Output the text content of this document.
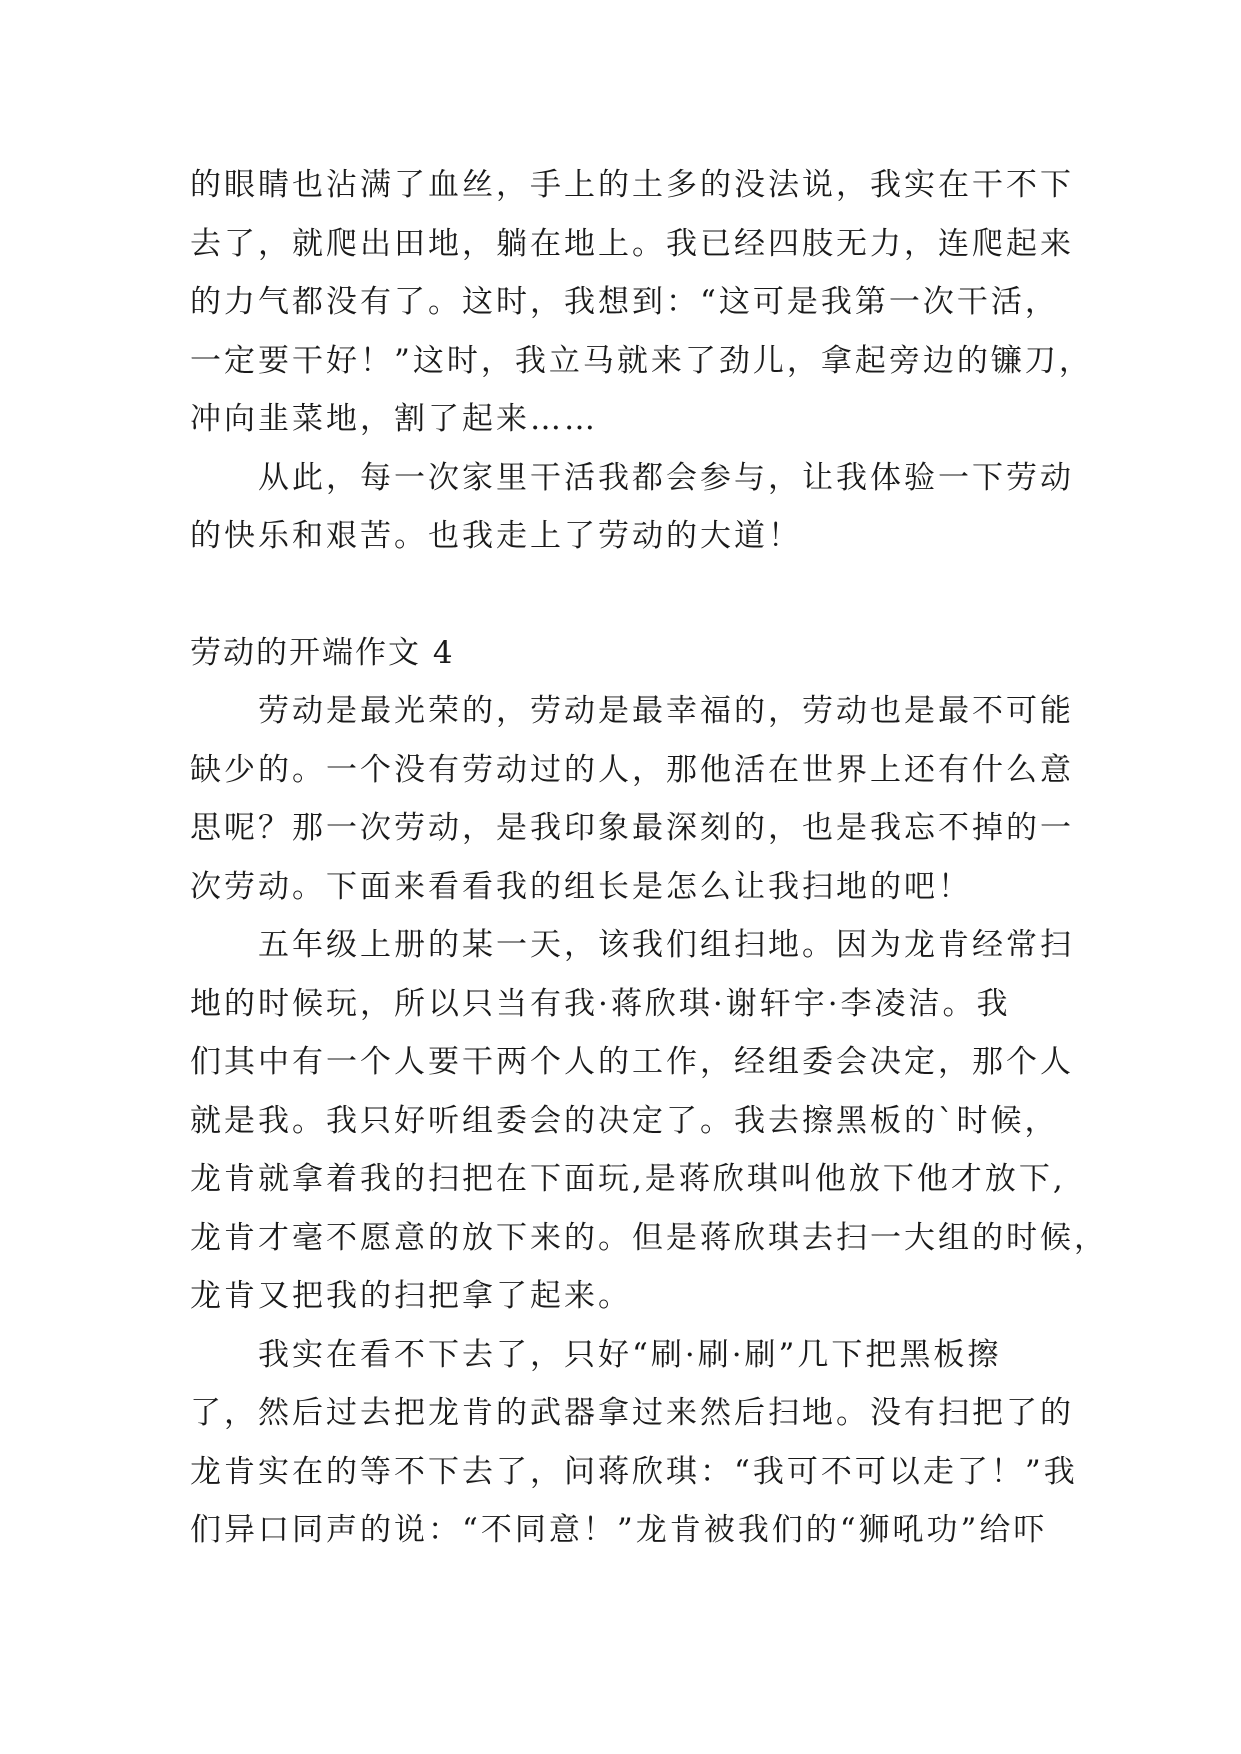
的眼睛也沾满了血丝，手上的土多的没法说，我实在干不下
去了，就爬出田地，躺在地上。我已经四肢无力，连爬起来
的力气都没有了。这时，我想到：“这可是我第一次干活，
一定要干好！”这时，我立马就来了劲儿，拿起旁边的镰刀，
冲向韭菜地，割了起来……
从此，每一次家里干活我都会参与，让我体验一下劳动
的快乐和艰苦。也我走上了劳动的大道！
劳动的开端作文 4
劳动是最光荣的，劳动是最幸福的，劳动也是最不可能
缺少的。一个没有劳动过的人，那他活在世界上还有什么意
思呢？那一次劳动，是我印象最深刻的，也是我忘不掉的一
次劳动。下面来看看我的组长是怎么让我扫地的吧！
五年级上册的某一天，该我们组扫地。因为龙肯经常扫
地的时候玩，所以只当有我·蒋欣琪·谢轩宇·李凌洁。我
们其中有一个人要干两个人的工作，经组委会决定，那个人
就是我。我只好听组委会的决定了。我去擦黑板的`时候，
龙肯就拿着我的扫把在下面玩,是蒋欣琪叫他放下他才放下,
龙肯才毫不愿意的放下来的。但是蒋欣琪去扫一大组的时候，
龙肯又把我的扫把拿了起来。
我实在看不下去了，只好“刷·刷·刷”几下把黑板擦
了，然后过去把龙肯的武器拿过来然后扫地。没有扫把了的
龙肯实在的等不下去了，问蒋欣琪：“我可不可以走了！”我
们异口同声的说：“不同意！”龙肯被我们的“狮吼功”给吓
